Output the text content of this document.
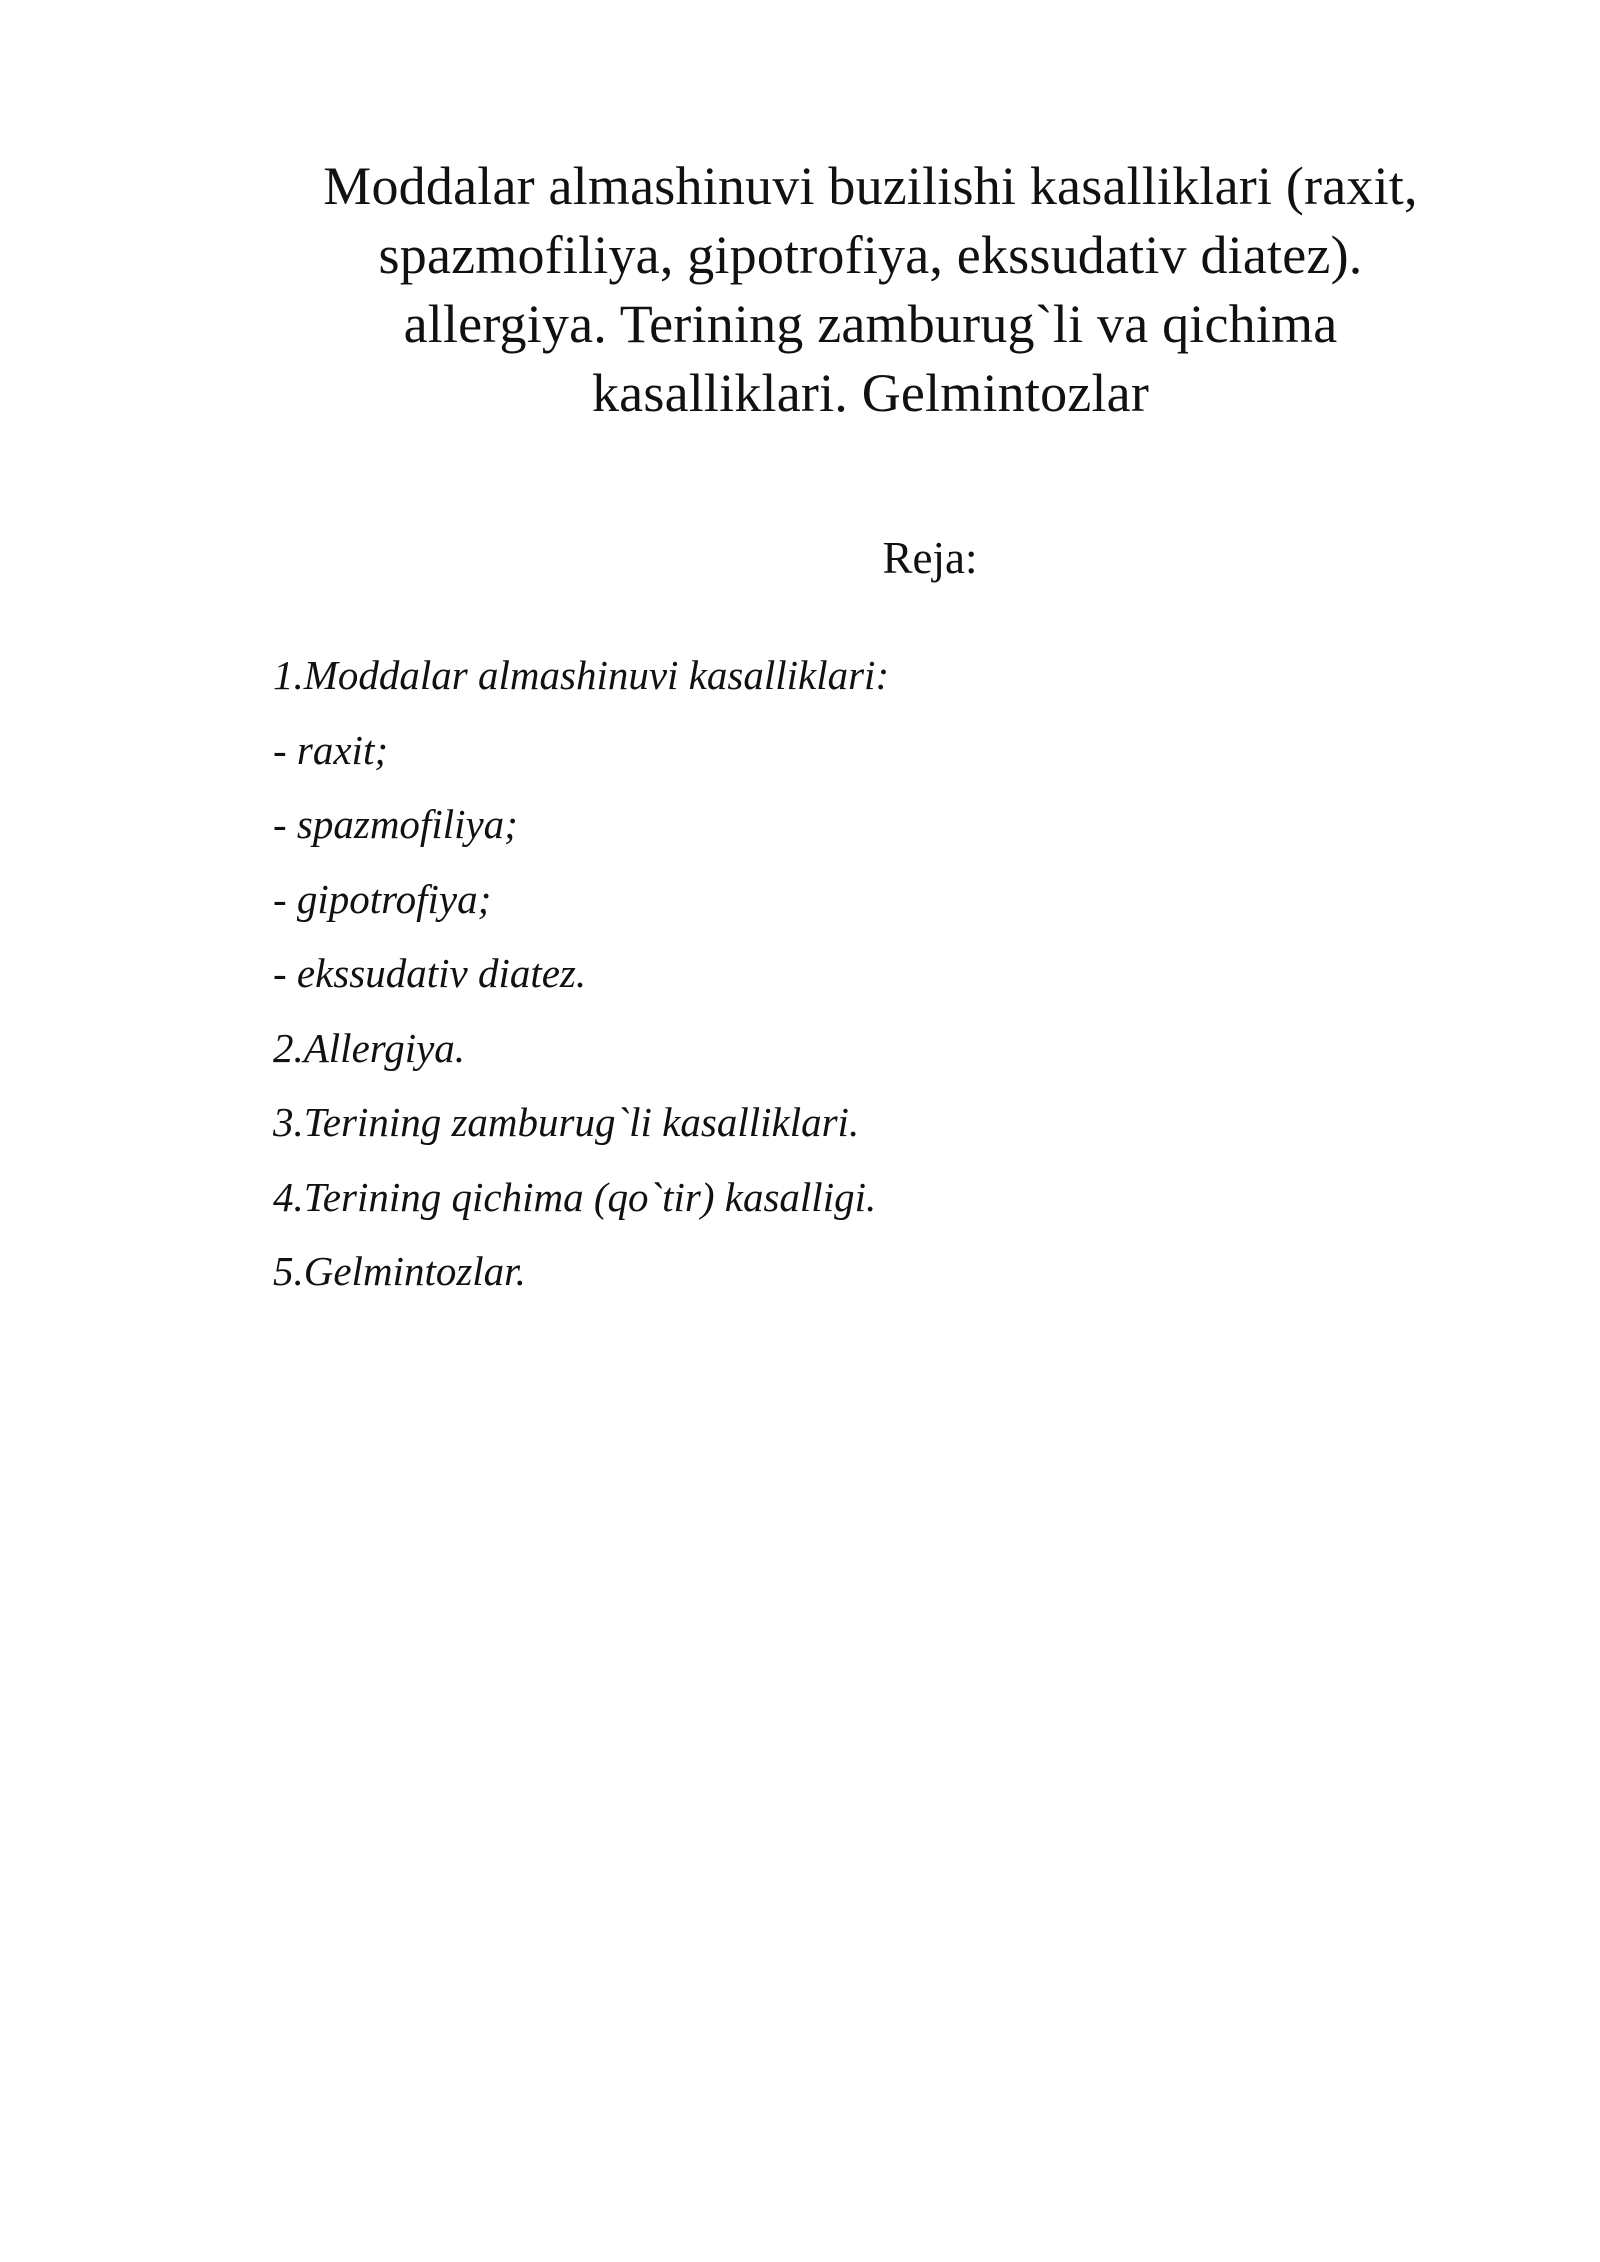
Moddalar almashinuvi buzilishi kasalliklari (raxit,
spazmofiliya, gipotrofiya, ekssudativ diatez).
allergiya. Terining zamburug`li va qichima
kasalliklari. Gelmintozlar
Reja:
1.Moddalar almashinuvi kasalliklari:
- raxit;
- spazmofiliya;
- gipotrofiya;
- ekssudativ diatez.
2.Allergiya.
3.Terining zamburug`li kasalliklari.
4.Terining qichima (qo`tir) kasalligi.
5.Gelmintozlar.
